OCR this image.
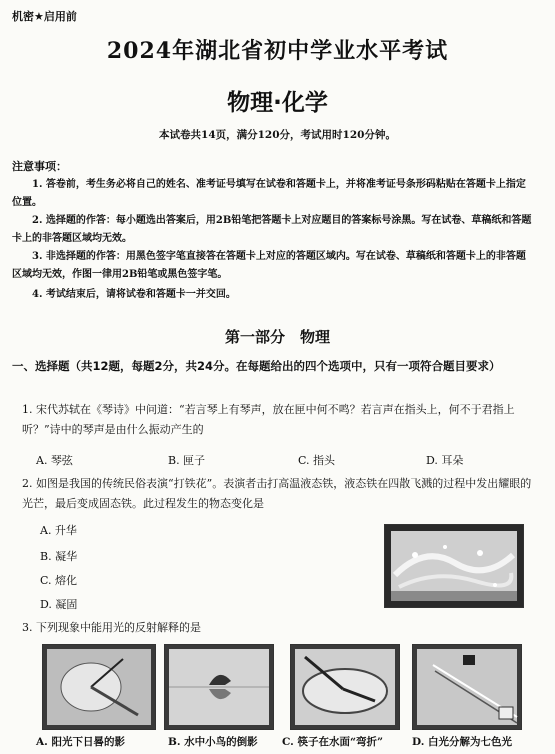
机密★启用前
2024年湖北省初中学业水平考试
物理·化学
本试卷共14页，满分120分，考试用时120分钟。
注意事项：
1. 答卷前，考生务必将自己的姓名、准考证号填写在试卷和答题卡上，并将准考证号条形码粘贴在答题卡上指定位置。
2. 选择题的作答：每小题选出答案后，用2B铅笔把答题卡上对应题目的答案标号涂黑。写在试卷、草稿纸和答题卡上的非答题区域均无效。
3. 非选择题的作答：用黑色签字笔直接答在答题卡上对应的答题区域内。写在试卷、草稿纸和答题卡上的非答题区域均无效，作图一律用2B铅笔或黑色签字笔。
4. 考试结束后，请将试卷和答题卡一并交回。
第一部分　物理
一、选择题（共12题，每题2分，共24分。在每题给出的四个选项中，只有一项符合题目要求）
1. 宋代苏轼在《琴诗》中问道：“若言琴上有琴声，放在匣中何不鸣？若言声在指头上，何不于君指上听？”诗中的琴声是由什么振动产生的
A. 琴弦	B. 匣子	C. 指头	D. 耳朵
2. 如图是我国的传统民俗表演“打铁花”。表演者击打高温液态铁，液态铁在四散飞溅的过程中发出耀眼的光芒，最后变成固态铁。此过程发生的物态变化是
A. 升华
B. 凝华
C. 熔化
D. 凝固
3. 下列现象中能用光的反射解释的是
A. 阳光下日晷的影	B. 水中小鸟的倒影 C. 筷子在水面“弯折”	D. 白光分解为七色光
